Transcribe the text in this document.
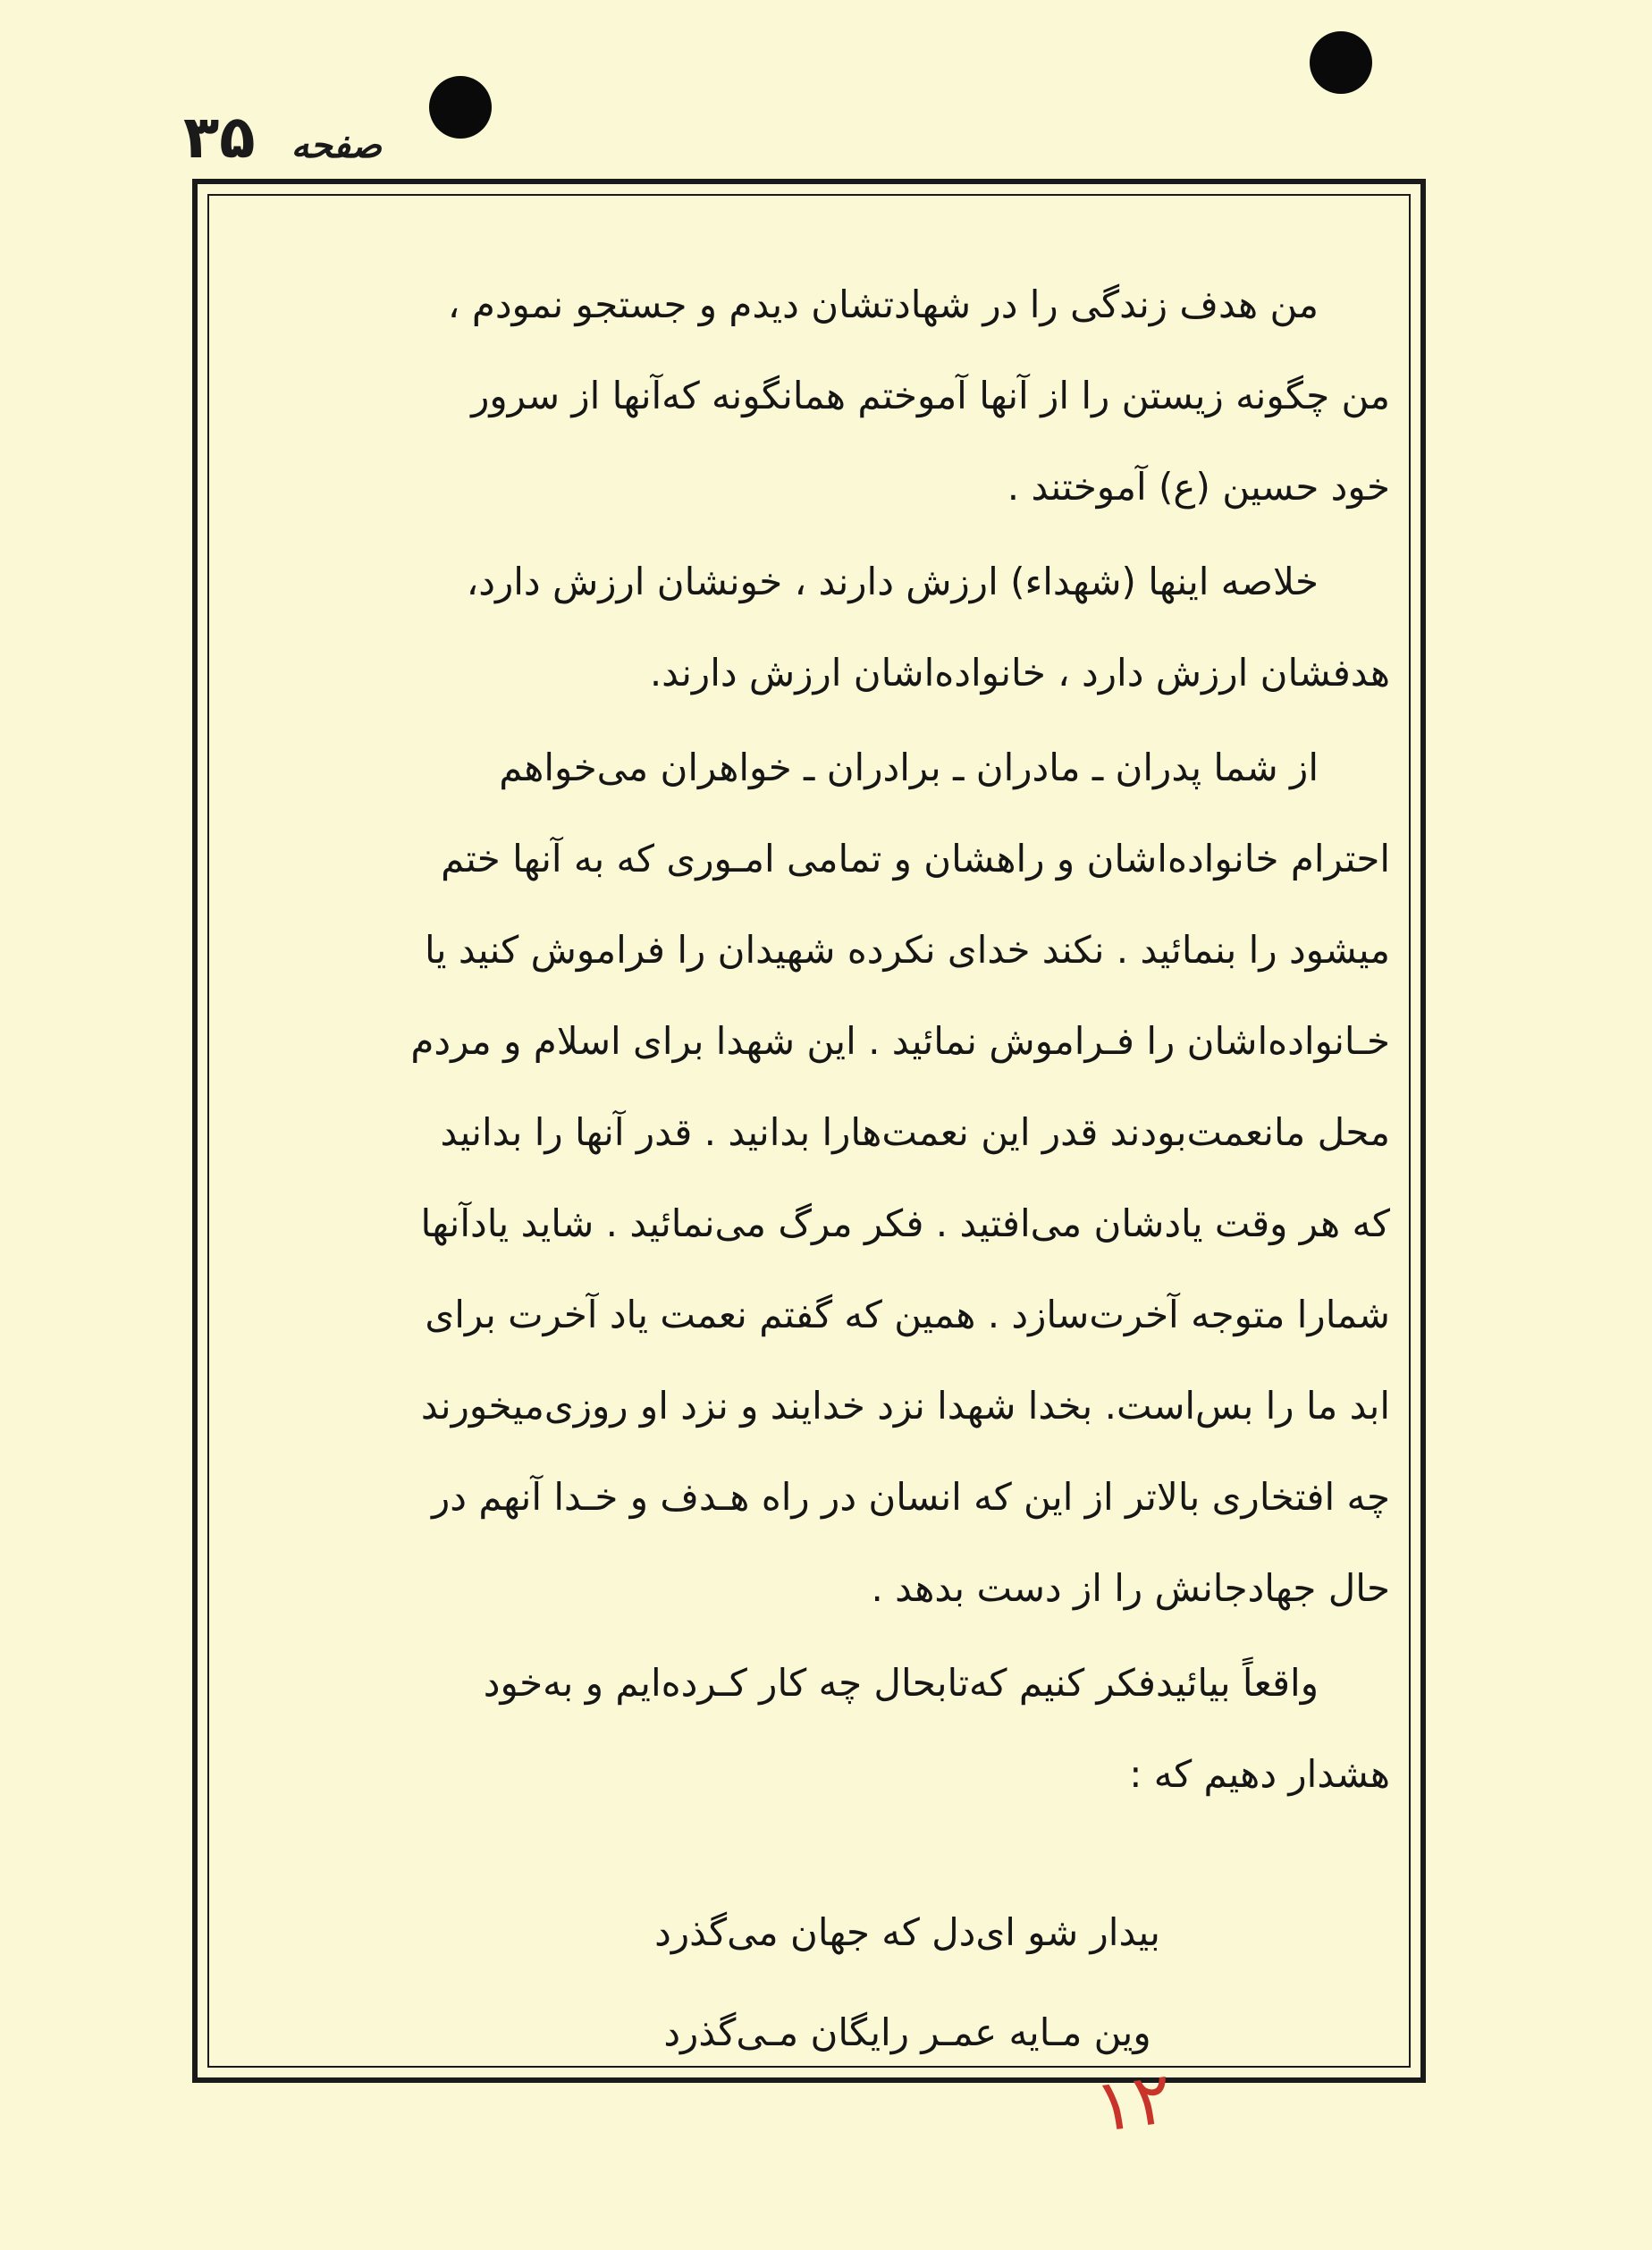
۳۵ صفحه
من هدف زندگی را در شهادتشان دیدم و جستجو نمودم ،
من چگونه زیستن را از آنها آموختم همانگونه که‌آنها از سرور
خود حسین (ع) آموختند .
خلاصه اینها (شهداء) ارزش دارند ، خونشان ارزش دارد،
هدفشان ارزش دارد ، خانواده‌اشان ارزش دارند.
از شما پدران ـ مادران ـ برادران ـ خواهران می‌خواهم
احترام خانواده‌اشان و راهشان و تمامی امـوری که به آنها ختم
میشود را بنمائید . نکند خدای نکرده شهیدان را فراموش کنید یا
خـانواده‌اشان را فـراموش نمائید . این شهدا برای اسلام و مردم
محل مانعمت‌بودند قدر این نعمت‌هارا بدانید . قدر آنها را بدانید
که هر وقت یادشان می‌افتید . فکر مرگ می‌نمائید . شاید یادآنها
شمارا متوجه آخرت‌سازد . همین که گفتم نعمت یاد آخرت برای
ابد ما را بس‌است. بخدا شهدا نزد خدایند و نزد او روزی‌میخورند
چه افتخاری بالاتر از این که انسان در راه هـدف و خـدا آنهم در
حال جهاد‌جانش را از دست بدهد .
واقعاً بیائیدفکر کنیم که‌تابحال چه کار کـرده‌ایم و به‌خود
هشدار دهیم که :
بیدار شو ای‌دل که جهان می‌گذرد
وین مـایه عمـر رایگان مـی‌گذرد
۱۲
